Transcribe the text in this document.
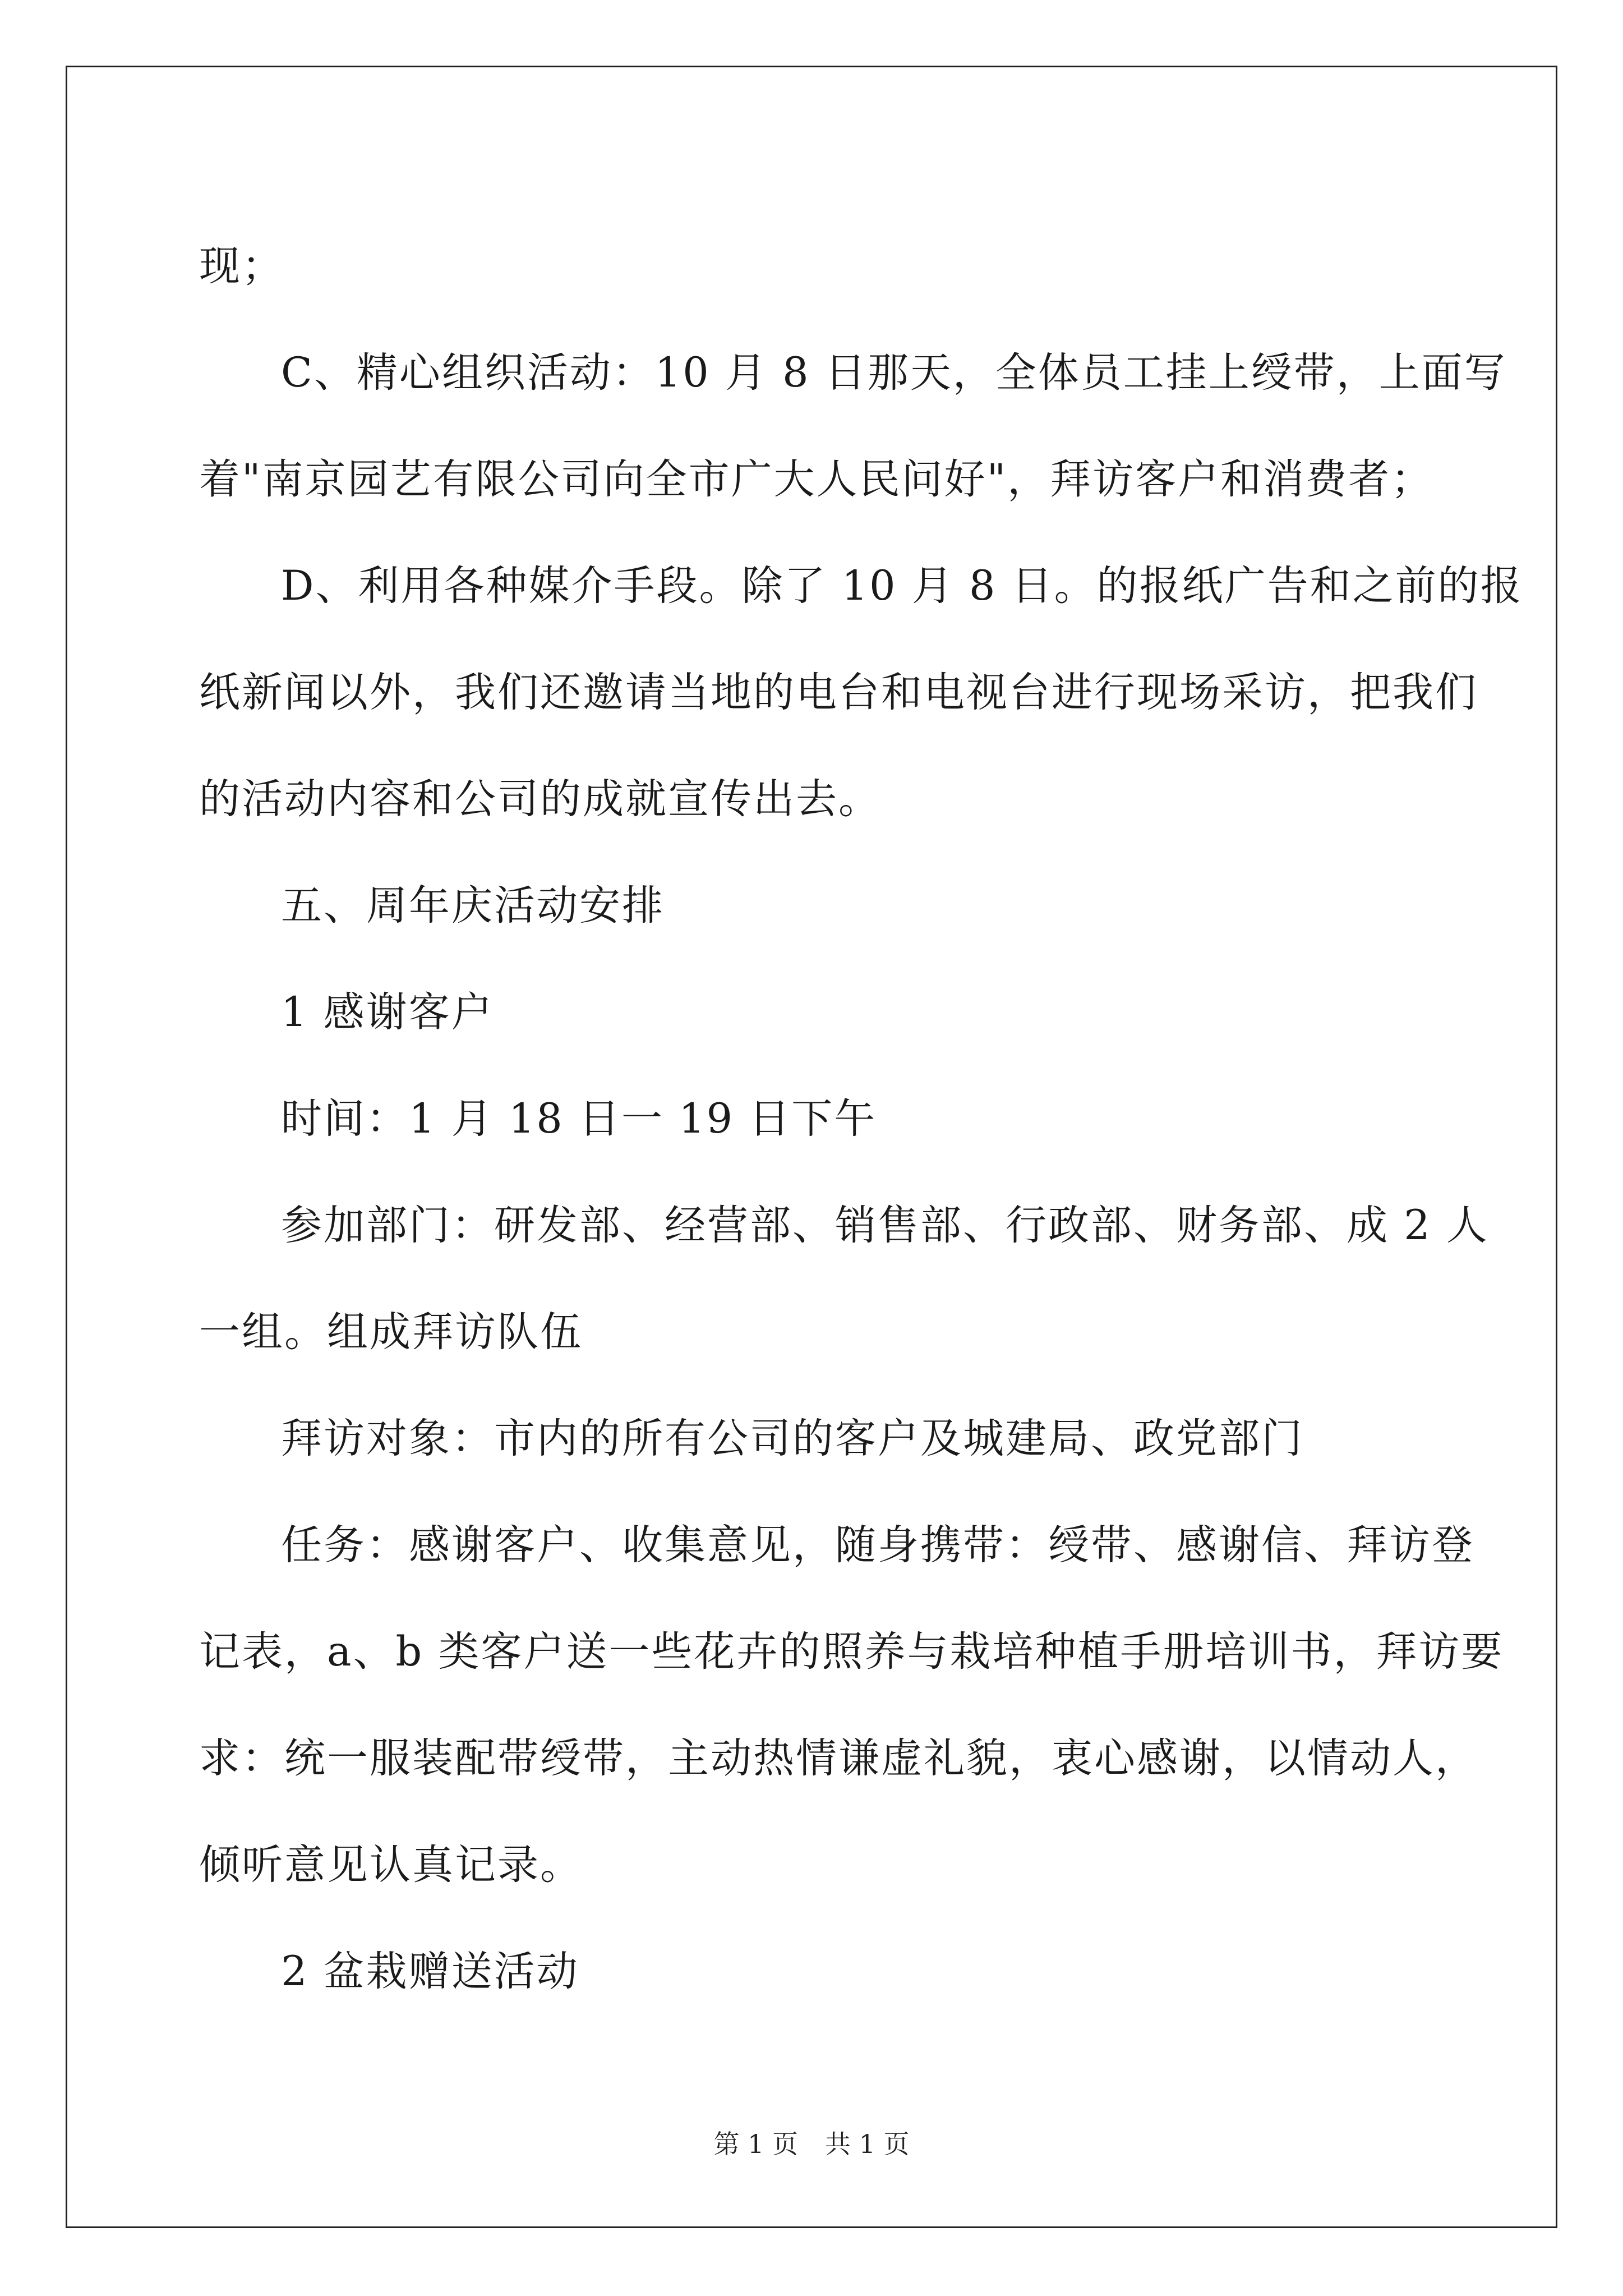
现；

C、精心组织活动：10 月 8 日那天，全体员工挂上绶带，上面写

着"南京园艺有限公司向全市广大人民问好"，拜访客户和消费者；

D、利用各种媒介手段。除了 10 月 8 日。的报纸广告和之前的报

纸新闻以外，我们还邀请当地的电台和电视台进行现场采访，把我们

的活动内容和公司的成就宣传出去。

五、周年庆活动安排

1 感谢客户

时间：1 月 18 日一 19 日下午

参加部门：研发部、经营部、销售部、行政部、财务部、成 2 人

一组。组成拜访队伍

拜访对象：市内的所有公司的客户及城建局、政党部门

任务：感谢客户、收集意见，随身携带：绶带、感谢信、拜访登

记表，a、b 类客户送一些花卉的照养与栽培种植手册培训书，拜访要

求：统一服装配带绶带，主动热情谦虚礼貌，衷心感谢，以情动人，

倾听意见认真记录。

2 盆栽赠送活动

第 1 页 共 1 页
